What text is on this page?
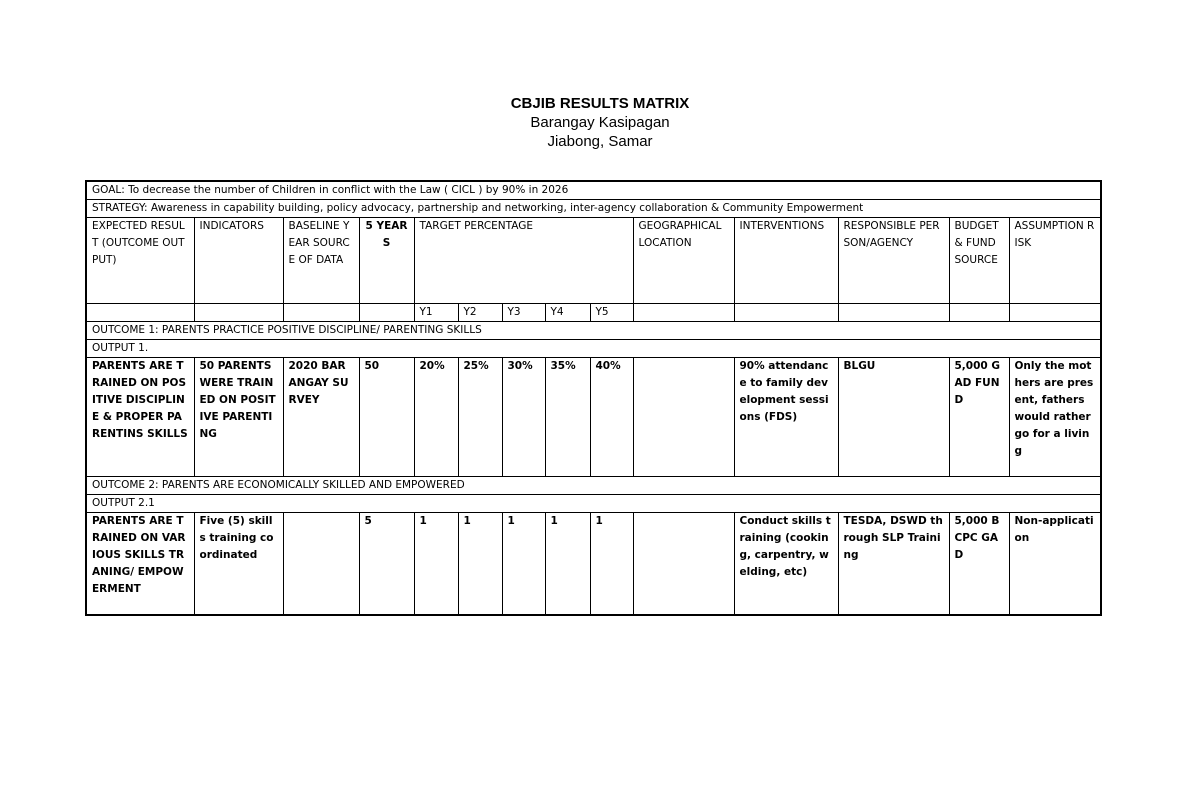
CBJIB RESULTS MATRIX
Barangay Kasipagan
Jiabong, Samar
GOAL: To decrease the number of Children in conflict with the Law ( CICL ) by 90% in 2026													
STRATEGY: Awareness in capability building, policy advocacy, partnership and networking, inter-agency collaboration & Community Empowerment													
EXPECTED RESULT (OUTCOME OUTPUT)	INDICATORS	BASELINE YEAR SOURCE OF DATA	5 YEARS	TARGET PERCENTAGE					GEOGRAPHICAL LOCATION	INTERVENTIONS	RESPONSIBLE PERSON/AGENCY	BUDGET & FUND SOURCE	ASSUMPTION RISK
				Y1	Y2	Y3	Y4	Y5					
OUTCOME 1: PARENTS PRACTICE POSITIVE DISCIPLINE/ PARENTING SKILLS													
OUTPUT 1.													
PARENTS ARE TRAINED ON POSITIVE DISCIPLINE & PROPER PARENTINS SKILLS	50 PARENTS WERE TRAINED ON POSITIVE PARENTING	2020 BARANGAY SURVEY	50	20%	25%	30%	35%	40%		90% attendance to family development sessions (FDS)	BLGU	5,000 GAD FUND	Only the mothers are present, fathers would rather go for a living
OUTCOME 2: PARENTS ARE ECONOMICALLY SKILLED AND EMPOWERED													
OUTPUT 2.1													
PARENTS ARE TRAINED ON VARIOUS SKILLS TRANING/ EMPOWERMENT	Five (5) skills training coordinated		5	1	1	1	1	1		Conduct skills training (cooking, carpentry, welding, etc)	TESDA, DSWD through SLP Training	5,000 BCPC GAD	Non-application
